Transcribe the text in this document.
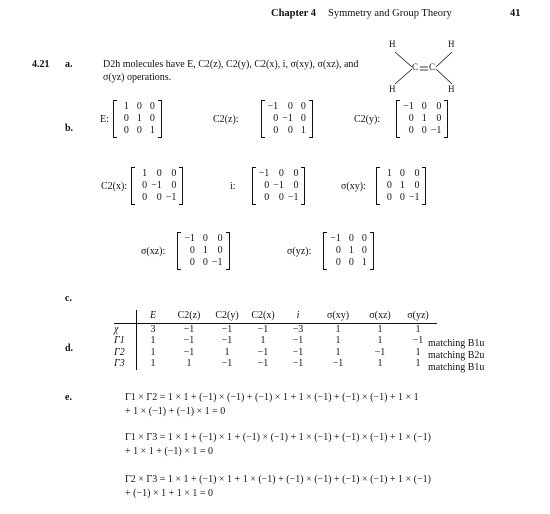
Chapter 4 Symmetry and Group Theory	41
4.21 a.	D2h molecules have E, C2(z), C2(y), C2(x), i, σ(xy), σ(xz), and
σ(yz) operations.
H	H
C C
H	H
b.
E:
1	0	0
0	1	0
0	0	1
C2(z):
−1	0	0
0	−1	0
0	0	1
C2(y):
−1	0	0
0	1	0
0	0	−1
C2(x):
1	0	0
0	−1	0
0	0	−1
i:
−1	0	0
0	−1	0
0	0	−1
σ(xy):
1	0	0
0	1	0
0	0	−1
σ(xz):
−1	0	0
0	1	0
0	0	−1
σ(yz):
−1	0	0
0	1	0
0	0	1
c.
d.
	E	C2(z)	C2(y)	C2(x)	i	σ(xy)	σ(xz)	σ(yz)
χ	3	−1	−1	−1	−3	1	1	1
Γ1	1	−1	−1	1	−1	1	1	−1
Γ2	1	−1	1	−1	−1	1	−1	1
Γ3	1	1	−1	−1	−1	−1	1	1
matching B1u
matching B2u
matching B1u
e.	Γ1 × Γ2 = 1 × 1 + (−1) × (−1) + (−1) × 1 + 1 × (−1) + (−1) × (−1) + 1 × 1
+ 1 × (−1) + (−1) × 1 = 0
Γ1 × Γ3 = 1 × 1 + (−1) × 1 + (−1) × (−1) + 1 × (−1) + (−1) × (−1) + 1 × (−1)
+ 1 × 1 + (−1) × 1 = 0
Γ2 × Γ3 = 1 × 1 + (−1) × 1 + 1 × (−1) + (−1) × (−1) + (−1) × (−1) + 1 × (−1)
+ (−1) × 1 + 1 × 1 = 0
